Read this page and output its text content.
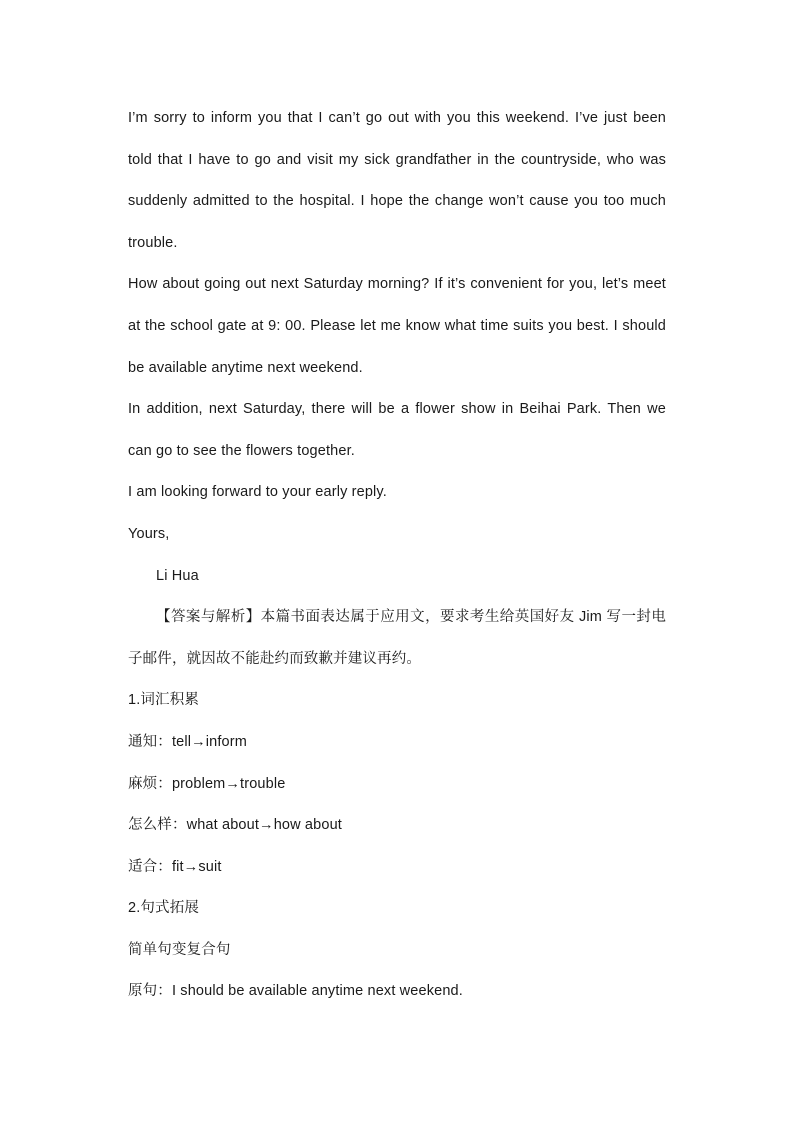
I’m sorry to inform you that I can’t go out with you this weekend. I’ve just been told that I have to go and visit my sick grandfather in the countryside, who was suddenly admitted to the hospital. I hope the change won’t cause you too much trouble.

How about going out next Saturday morning? If it’s convenient for you, let’s meet at the school gate at 9: 00. Please let me know what time suits you best. I should be available anytime next weekend.

In addition, next Saturday, there will be a flower show in Beihai Park. Then we can go to see the flowers together.

I am looking forward to your early reply.

Yours,

Li Hua

【答案与解析】本篇书面表达属于应用文，要求考生给英国好友 Jim 写一封电子邮件，就因故不能赴约而致歉并建议再约。

1.词汇积累

通知：tell→inform

麻烦：problem→trouble

怎么样：what about→how about

适合：fit→suit

2.句式拓展

简单句变复合句

原句：I should be available anytime next weekend.
